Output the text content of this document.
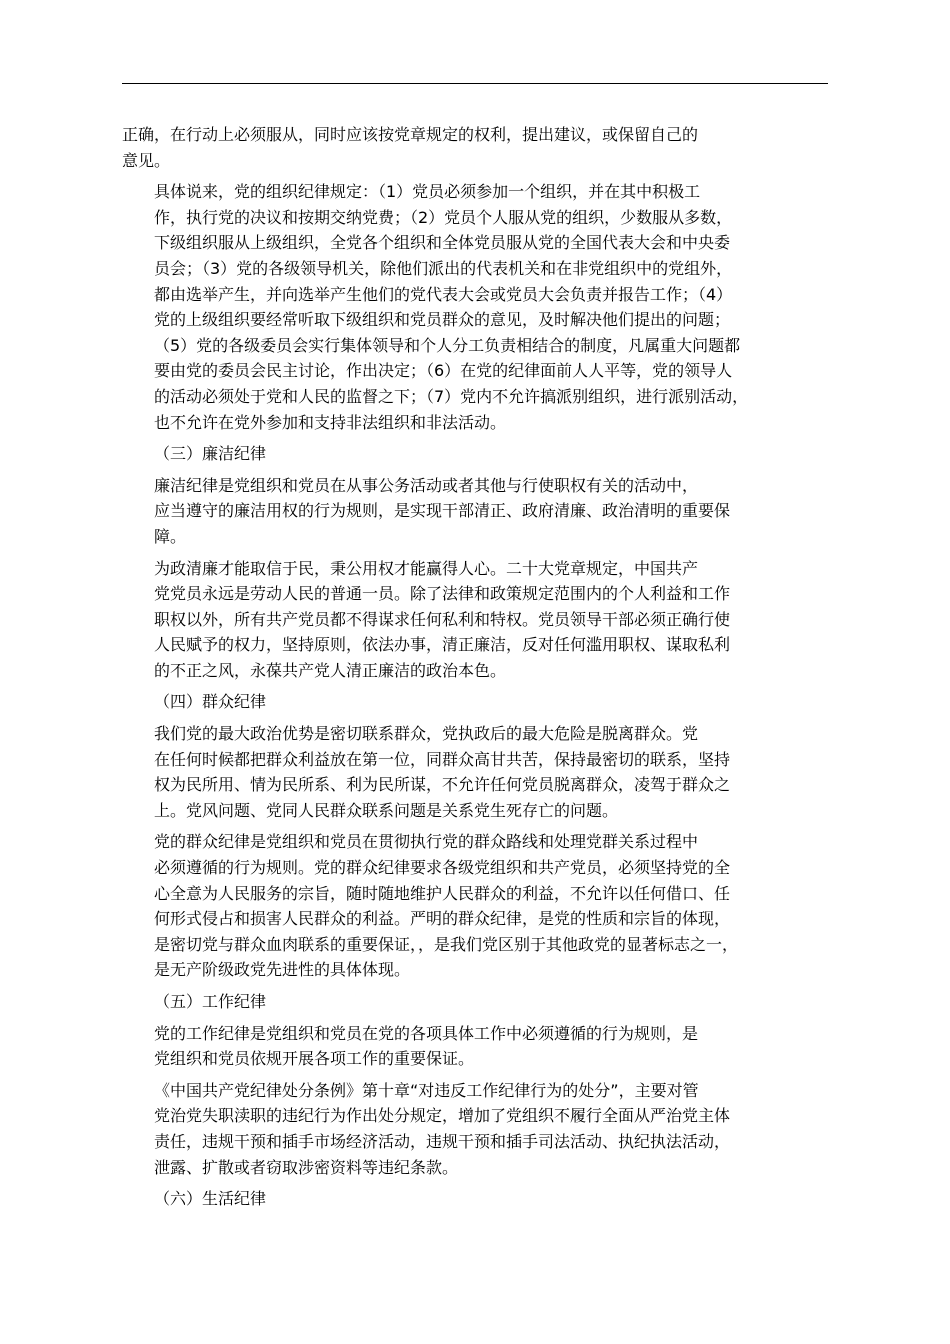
正确，在行动上必须服从，同时应该按党章规定的权利，提出建议，或保留自己的
意见。

具体说来，党的组织纪律规定：（1）党员必须参加一个组织，并在其中积极工
作，执行党的决议和按期交纳党费；（2）党员个人服从党的组织，少数服从多数，
下级组织服从上级组织，全党各个组织和全体党员服从党的全国代表大会和中央委
员会；（3）党的各级领导机关，除他们派出的代表机关和在非党组织中的党组外，
都由选举产生，并向选举产生他们的党代表大会或党员大会负责并报告工作；（4）
党的上级组织要经常听取下级组织和党员群众的意见，及时解决他们提出的问题；
（5）党的各级委员会实行集体领导和个人分工负责相结合的制度，凡属重大问题都
要由党的委员会民主讨论，作出决定；（6）在党的纪律面前人人平等，党的领导人
的活动必须处于党和人民的监督之下；（7）党内不允许搞派别组织，进行派别活动，
也不允许在党外参加和支持非法组织和非法活动。

（三）廉洁纪律

廉洁纪律是党组织和党员在从事公务活动或者其他与行使职权有关的活动中，
应当遵守的廉洁用权的行为规则，是实现干部清正、政府清廉、政治清明的重要保
障。

为政清廉才能取信于民，秉公用权才能赢得人心。二十大党章规定，中国共产
党党员永远是劳动人民的普通一员。除了法律和政策规定范围内的个人利益和工作
职权以外，所有共产党员都不得谋求任何私利和特权。党员领导干部必须正确行使
人民赋予的权力，坚持原则，依法办事，清正廉洁，反对任何滥用职权、谋取私利
的不正之风，永葆共产党人清正廉洁的政治本色。

（四）群众纪律

我们党的最大政治优势是密切联系群众，党执政后的最大危险是脱离群众。党
在任何时候都把群众利益放在第一位，同群众高甘共苦，保持最密切的联系，坚持
权为民所用、情为民所系、利为民所谋，不允许任何党员脱离群众，凌驾于群众之
上。党风问题、党同人民群众联系问题是关系党生死存亡的问题。

党的群众纪律是党组织和党员在贯彻执行党的群众路线和处理党群关系过程中
必须遵循的行为规则。党的群众纪律要求各级党组织和共产党员，必须坚持党的全
心全意为人民服务的宗旨，随时随地维护人民群众的利益，不允许以任何借口、任
何形式侵占和损害人民群众的利益。严明的群众纪律，是党的性质和宗旨的体现，
是密切党与群众血肉联系的重要保证，，是我们党区别于其他政党的显著标志之一，
是无产阶级政党先进性的具体体现。

（五）工作纪律

党的工作纪律是党组织和党员在党的各项具体工作中必须遵循的行为规则，是
党组织和党员依规开展各项工作的重要保证。

《中国共产党纪律处分条例》第十章“对违反工作纪律行为的处分”，主要对管
党治党失职渎职的违纪行为作出处分规定，增加了党组织不履行全面从严治党主体
责任，违规干预和插手市场经济活动，违规干预和插手司法活动、执纪执法活动，
泄露、扩散或者窃取涉密资料等违纪条款。

（六）生活纪律
